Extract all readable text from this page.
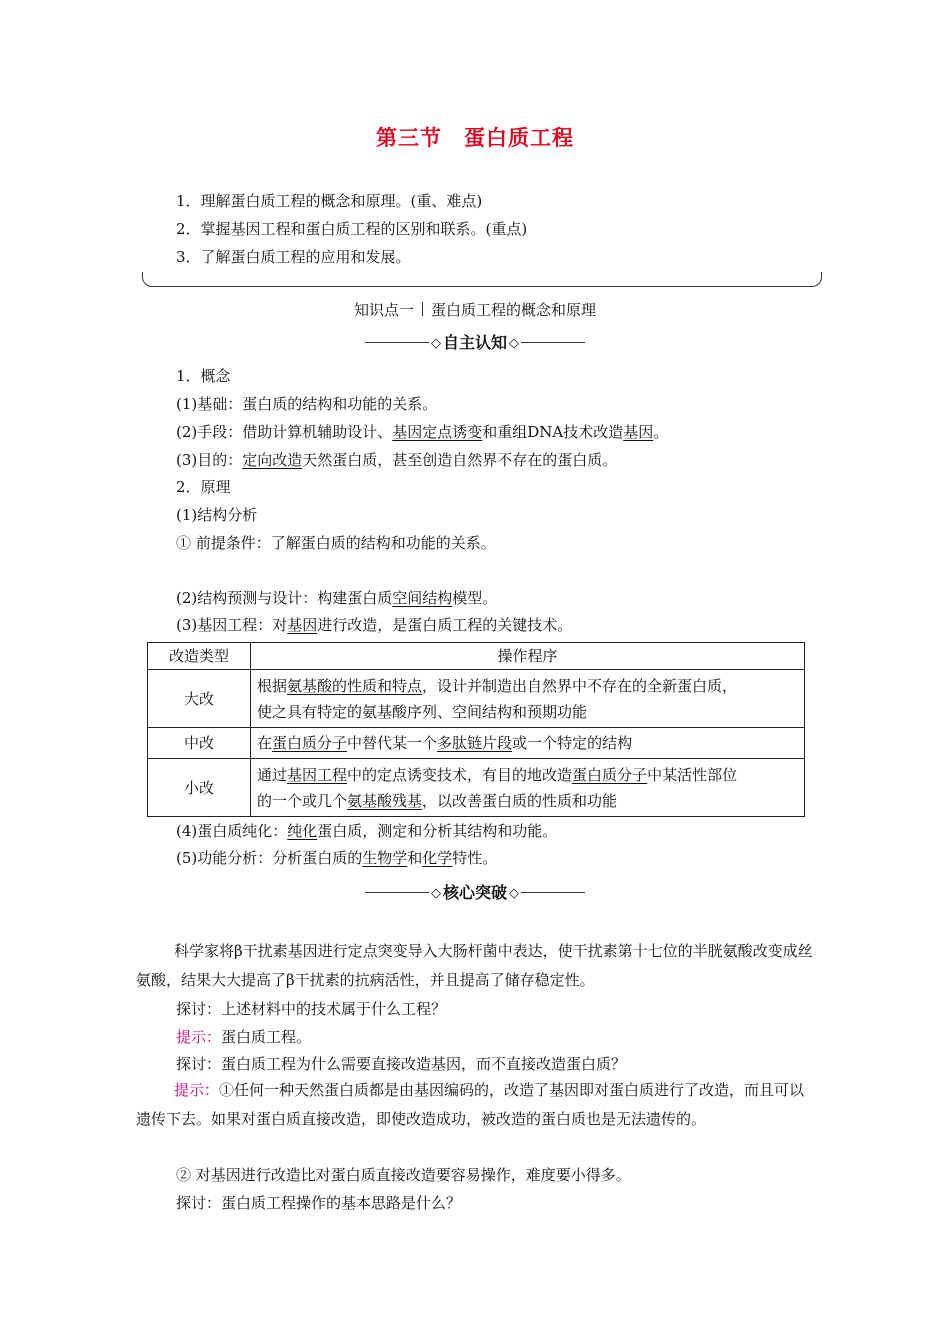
第三节　蛋白质工程
1．理解蛋白质工程的概念和原理。(重、难点)
2．掌握基因工程和蛋白质工程的区别和联系。(重点)
3．了解蛋白质工程的应用和发展。
知识点一 蛋白质工程的概念和原理
◇ 自主认知 ◇
1．概念
(1)基础：蛋白质的结构和功能的关系。
(2)手段：借助计算机辅助设计、基因定点诱变和重组DNA技术改造基因。
(3)目的：定向改造天然蛋白质，甚至创造自然界不存在的蛋白质。
2．原理
(1)结构分析
① 前提条件：了解蛋白质的结构和功能的关系。
(2)结构预测与设计：构建蛋白质空间结构模型。
(3)基因工程：对基因进行改造，是蛋白质工程的关键技术。
改造类型	操作程序
大改	根据氨基酸的性质和特点，设计并制造出自然界中不存在的全新蛋白质，
使之具有特定的氨基酸序列、空间结构和预期功能
中改	在蛋白质分子中替代某一个多肽链片段或一个特定的结构
小改	通过基因工程中的定点诱变技术，有目的地改造蛋白质分子中某活性部位
的一个或几个氨基酸残基，以改善蛋白质的性质和功能
(4)蛋白质纯化：纯化蛋白质，测定和分析其结构和功能。
(5)功能分析：分析蛋白质的生物学和化学特性。
◇ 核心突破 ◇
科学家将β干扰素基因进行定点突变导入大肠杆菌中表达，使干扰素第十七位的半胱氨酸改变成丝氨酸，结果大大提高了β干扰素的抗病活性，并且提高了储存稳定性。
探讨：上述材料中的技术属于什么工程？
提示：蛋白质工程。
探讨：蛋白质工程为什么需要直接改造基因，而不直接改造蛋白质？
提示：①任何一种天然蛋白质都是由基因编码的，改造了基因即对蛋白质进行了改造，而且可以遗传下去。如果对蛋白质直接改造，即使改造成功，被改造的蛋白质也是无法遗传的。
② 对基因进行改造比对蛋白质直接改造要容易操作，难度要小得多。
探讨：蛋白质工程操作的基本思路是什么？
